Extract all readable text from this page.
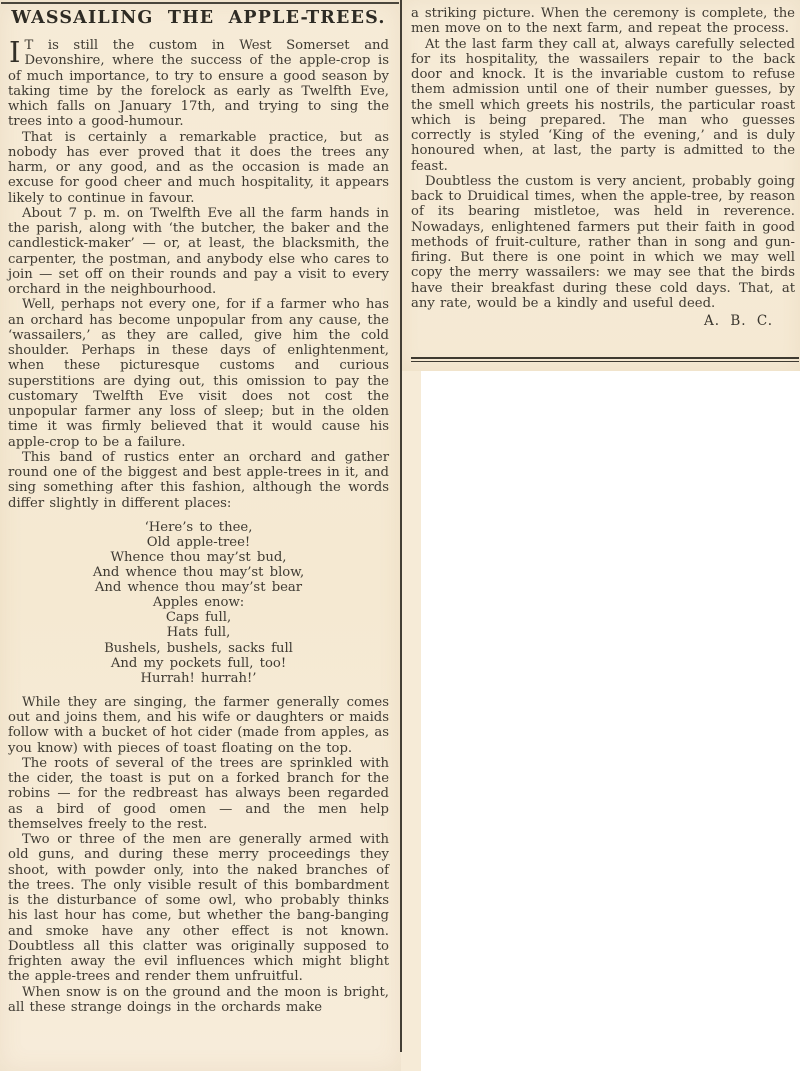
WASSAILING THE APPLE-TREES.

I T is still the custom in West Somerset and Devonshire, where the success of the apple-crop is of much importance, to try to ensure a good season by taking time by the forelock as early as Twelfth Eve, which falls on January 17th, and trying to sing the trees into a good-humour.

That is certainly a remarkable practice, but as nobody has ever proved that it does the trees any harm, or any good, and as the occasion is made an excuse for good cheer and much hospitality, it appears likely to continue in favour.

About 7 p. m. on Twelfth Eve all the farm hands in the parish, along with ‘the butcher, the baker and the candlestick-maker’ — or, at least, the blacksmith, the carpenter, the postman, and anybody else who cares to join — set off on their rounds and pay a visit to every orchard in the neighbourhood.

Well, perhaps not every one, for if a farmer who has an orchard has become unpopular from any cause, the ‘wassailers,’ as they are called, give him the cold shoulder. Perhaps in these days of enlightenment, when these picturesque customs and curious superstitions are dying out, this omission to pay the customary Twelfth Eve visit does not cost the unpopular farmer any loss of sleep; but in the olden time it was firmly believed that it would cause his apple-crop to be a failure.

This band of rustics enter an orchard and gather round one of the biggest and best apple-trees in it, and sing something after this fashion, although the words differ slightly in different places:

‘Here’s to thee,
Old apple-tree!
Whence thou may’st bud,
And whence thou may’st blow,
And whence thou may’st bear
Apples enow:
Caps full,
Hats full,
Bushels, bushels, sacks full
And my pockets full, too!
Hurrah! hurrah!’

While they are singing, the farmer generally comes out and joins them, and his wife or daughters or maids follow with a bucket of hot cider (made from apples, as you know) with pieces of toast floating on the top.

The roots of several of the trees are sprinkled with the cider, the toast is put on a forked branch for the robins — for the redbreast has always been regarded as a bird of good omen — and the men help themselves freely to the rest.

Two or three of the men are generally armed with old guns, and during these merry proceedings they shoot, with powder only, into the naked branches of the trees. The only visible result of this bombardment is the disturbance of some owl, who probably thinks his last hour has come, but whether the bang-banging and smoke have any other effect is not known. Doubtless all this clatter was originally supposed to frighten away the evil influences which might blight the apple-trees and render them unfruitful.

When snow is on the ground and the moon is bright, all these strange doings in the orchards make

a striking picture. When the ceremony is complete, the men move on to the next farm, and repeat the process.

At the last farm they call at, always carefully selected for its hospitality, the wassailers repair to the back door and knock. It is the invariable custom to refuse them admission until one of their number guesses, by the smell which greets his nostrils, the particular roast which is being prepared. The man who guesses correctly is styled ‘King of the evening,’ and is duly honoured when, at last, the party is admitted to the feast.

Doubtless the custom is very ancient, probably going back to Druidical times, when the apple-tree, by reason of its bearing mistletoe, was held in reverence. Nowadays, enlightened farmers put their faith in good methods of fruit-culture, rather than in song and gun-firing. But there is one point in which we may well copy the merry wassailers: we may see that the birds have their breakfast during these cold days. That, at any rate, would be a kindly and useful deed.

A. B. C.
